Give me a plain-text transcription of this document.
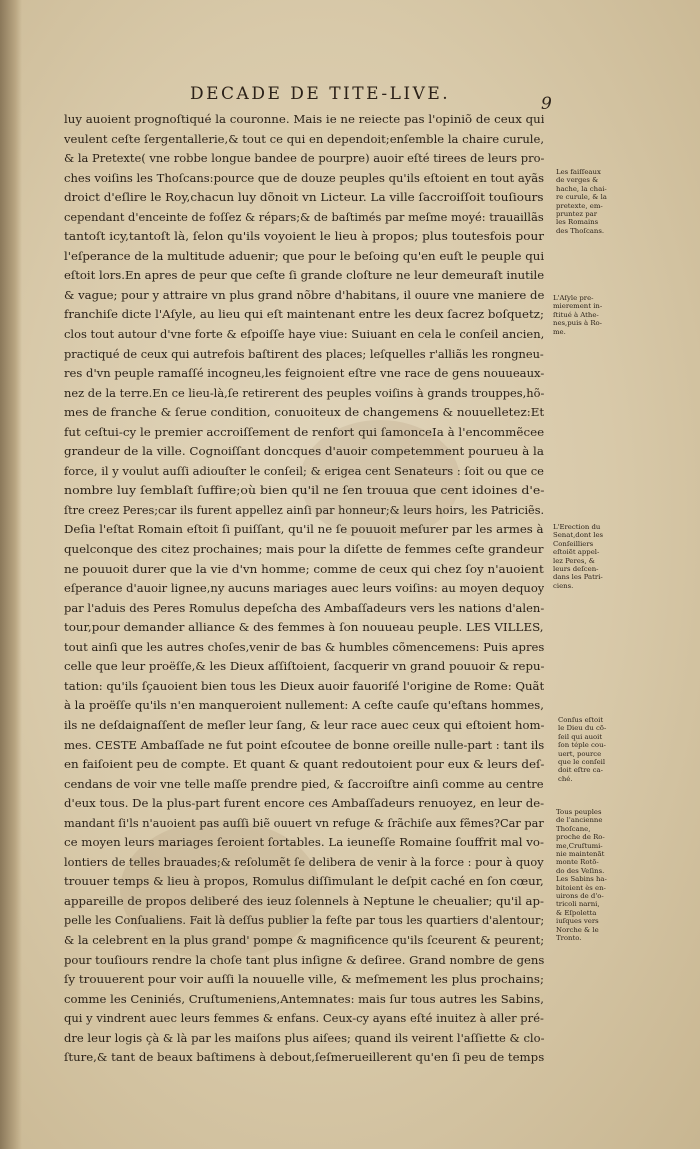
DECADE DE TITE-LIVE.	9
luy auoient prognoſtiqué la couronne. Mais ie ne reiecte pas l'opiniõ de ceux qui
veulent ceſte ſergentallerie,& tout ce qui en dependoit;enſemble la chaire curule,
& la Pretexte( vne robbe longue bandee de pourpre) auoir eſté tirees de leurs pro-
ches voiſins les Thoſcans:pource que de douze peuples qu'ils eſtoient en tout ayãs
droict d'eſlire le Roy,chacun luy dõnoit vn Licteur. La ville ſaccroiſſoit touſiours
cependant d'enceinte de foſſez & répars;& de baſtimés par meſme moyé: trauaillãs
tantoſt icy,tantoſt là, ſelon qu'ils voyoient le lieu à propos; plus toutesfois pour
l'eſperance de la multitude aduenir; que pour le beſoing qu'en euſt le peuple qui
eſtoit lors.En apres de peur que ceſte ſi grande cloſture ne leur demeuraſt inutile
& vague; pour y attraire vn plus grand nõbre d'habitans, il ouure vne maniere de
franchiſe dicte l'Aſyle, au lieu qui eſt maintenant entre les deux ſacrez boſquetz;
clos tout autour d'vne forte & eſpoiſſe haye viue: Suiuant en cela le conſeil ancien,
practiqué de ceux qui autrefois baſtirent des places; leſquelles r'alliãs les rongneu-
res d'vn peuple ramaſſé incogneu,les feignoient eſtre vne race de gens nouueaux-
nez de la terre.En ce lieu-là,ſe retirerent des peuples voiſins à grands trouppes,hõ-
mes de franche & ſerue condition, conuoiteux de changemens & nouuelletez:Et
fut ceſtui-cy le premier accroiſſement de renfort qui ſamonceIa à l'encommẽcee
grandeur de la ville. Cognoiſſant doncques d'auoir competemment pourueu à la
force, il y voulut auſſi adiouſter le conſeil; & erigea cent Senateurs : ſoit ou que ce
nombre luy ſemblaſt ſuffire;où bien qu'il ne ſen trouua que cent idoines d'e-
ſtre creez Peres;car ils furent appellez ainſi par honneur;& leurs hoirs, les Patriciẽs.
Deſia l'eſtat Romain eſtoit ſi puiſſant, qu'il ne ſe pouuoit meſurer par les armes à
quelconque des citez prochaines; mais pour la diſette de femmes ceſte grandeur
ne pouuoit durer que la vie d'vn homme; comme de ceux qui chez ſoy n'auoient
eſperance d'auoir lignee,ny aucuns mariages auec leurs voiſins: au moyen dequoy
par l'aduis des Peres Romulus depeſcha des Ambaſſadeurs vers les nations d'alen-
tour,pour demander alliance & des femmes à ſon nouueau peuple. LES VILLES,
tout ainſi que les autres choſes,venir de bas & humbles cõmencemens: Puis apres
celle que leur proëſſe,& les Dieux aſſiſtoient, ſacquerir vn grand pouuoir & repu-
tation: qu'ils ſçauoient bien tous les Dieux auoir fauoriſé l'origine de Rome: Quãt
à la proëſſe qu'ils n'en manqueroient nullement: A ceſte cauſe qu'eſtans hommes,
ils ne deſdaignaſſent de meſler leur ſang, & leur race auec ceux qui eſtoient hom-
mes. CESTE Ambaſſade ne fut point eſcoutee de bonne oreille nulle-part : tant ils
en faiſoient peu de compte. Et quant & quant redoutoient pour eux & leurs deſ-
cendans de voir vne telle maſſe prendre pied, & ſaccroiſtre ainſi comme au centre
d'eux tous. De la plus-part furent encore ces Ambaſſadeurs renuoyez, en leur de-
mandant ſi'ls n'auoient pas auſſi biẽ ouuert vn refuge & ſrãchiſe aux fẽmes?Car par
ce moyen leurs mariages ſeroient ſortables. La ieuneſſe Romaine ſouffrit mal vo-
lontiers de telles brauades;& reſolumẽt ſe delibera de venir à la force : pour à quoy
trouuer temps & lieu à propos, Romulus diſſimulant le deſpit caché en ſon cœur,
appareille de propos deliberé des ieuz ſolennels à Neptune le cheualier; qu'il ap-
pelle les Conſualiens. Fait là deſſus publier la feſte par tous les quartiers d'alentour;
& la celebrent en la plus grand' pompe & magnificence qu'ils ſceurent & peurent;
pour touſiours rendre la choſe tant plus inſigne & deſiree. Grand nombre de gens
ſy trouuerent pour voir auſſi la nouuelle ville, & meſmement les plus prochains;
comme les Ceniniés, Cruſtumeniens,Antemnates: mais ſur tous autres les Sabins,
qui y vindrent auec leurs femmes & enfans. Ceux-cy ayans eſté inuitez à aller pré-
dre leur logis çà & là par les maiſons plus aiſees; quand ils veirent l'aſſiette & clo-
ſture,& tant de beaux baſtimens à debout,ſeſmerueillerent qu'en ſi peu de temps
Les faiſſeaux
de verges &
hache, la chai-
re curule, & la
pretexte, em-
pruntez par
les Romains
des Thoſcans.
L'Aſyle pre-
mierement in-
ſtitué à Athe-
nes,puis à Ro-
me.
L'Erection du
Senat,dont les
Conſeilliers
eſtoiẽt appel-
lez Peres, &
leurs deſcen-
dans les Patri-
ciens.
Conſus eſtoit
le Dieu du cõ-
ſeil qui auoit
ſon téple cou-
uert, pource
que le conſeil
doit eſtre ca-
ché.
Tous peuples
de l'ancienne
Thoſcane,
proche de Ro-
me,Cruſtumi-
nie maintenãt
monte Rotõ-
do des Veſins.
Les Sabins ha-
bitoient ès en-
uirons de d'o-
tricoli narni,
& Eſpoletta
iuſques vers
Norche & le
Tronto.
